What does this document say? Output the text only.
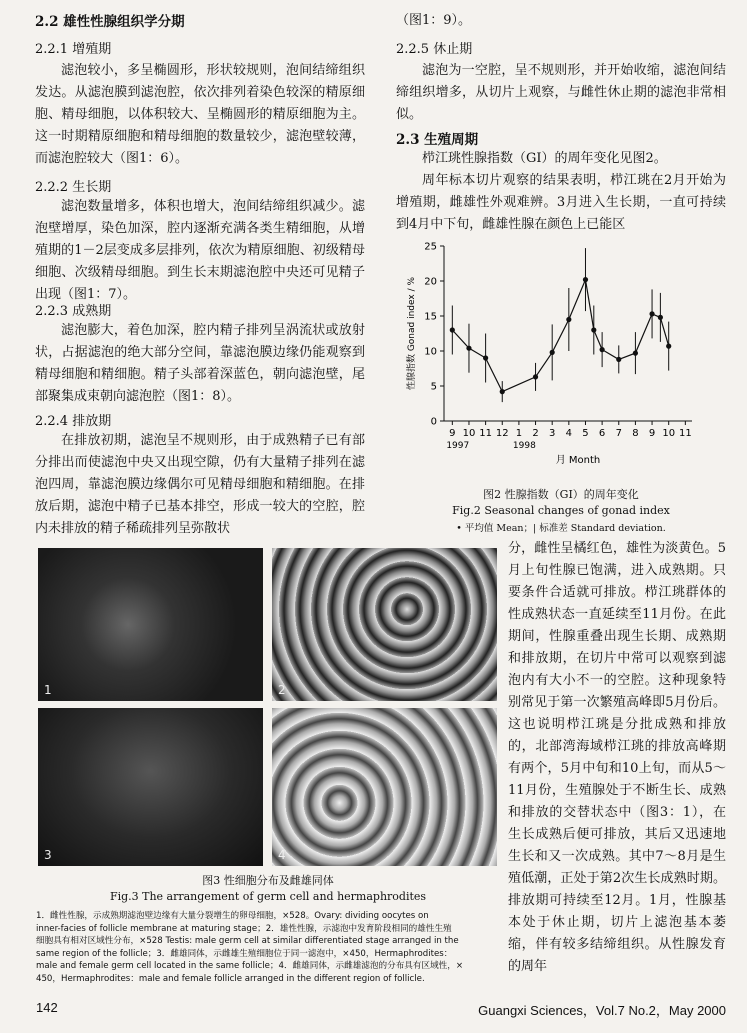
2.2 雄性性腺组织学分期
2.2.1 增殖期
滤泡较小，多呈椭圆形，形状较规则，泡间结缔组织发达。从滤泡膜到滤泡腔，依次排列着染色较深的精原细胞、精母细胞，以体积较大、呈椭圆形的精原细胞为主。这一时期精原细胞和精母细胞的数量较少，滤泡壁较薄，而滤泡腔较大（图1：6）。
2.2.2 生长期
滤泡数量增多，体积也增大，泡间结缔组织减少。滤泡壁增厚，染色加深，腔内逐渐充满各类生精细胞，从增殖期的1－2层变成多层排列，依次为精原细胞、初级精母细胞、次级精母细胞。到生长末期滤泡腔中央还可见精子出现（图1：7）。
2.2.3 成熟期
滤泡膨大，着色加深，腔内精子排列呈涡流状或放射状，占据滤泡的绝大部分空间，靠滤泡膜边缘仍能观察到精母细胞和精细胞。精子头部着深蓝色，朝向滤泡壁，尾部聚集成束朝向滤泡腔（图1：8）。
2.2.4 排放期
在排放初期，滤泡呈不规则形，由于成熟精子已有部分排出而使滤泡中央又出现空隙，仍有大量精子排列在滤泡四周，靠滤泡膜边缘偶尔可见精母细胞和精细胞。在排放后期，滤泡中精子已基本排空，形成一较大的空腔，腔内未排放的精子稀疏排列呈弥散状
（图1：9）。
2.2.5 休止期
滤泡为一空腔，呈不规则形，并开始收缩，滤泡间结缔组织增多，从切片上观察，与雌性休止期的滤泡非常相似。
2.3 生殖周期
栉江珧性腺指数（GI）的周年变化见图2。
周年标本切片观察的结果表明，栉江珧在2月开始为增殖期，雌雄性外观难辨。3月进入生长期，一直可持续到4月中下旬，雌雄性腺在颜色上已能区
0
5
10
15
20
25
9 10 11 12 1 2 3 4 5 6 7 8 9 10 11
1997	1998
月 Month
性腺指数 Gonad index / %
图2 性腺指数（GI）的周年变化
Fig.2 Seasonal changes of gonad index
• 平均值 Mean；| 标准差 Standard deviation.
分，雌性呈橘红色，雄性为淡黄色。5月上旬性腺已饱满，进入成熟期。只要条件合适就可排放。栉江珧群体的性成熟状态一直延续至11月份。在此期间，性腺重叠出现生长期、成熟期和排放期，在切片中常可以观察到滤泡内有大小不一的空腔。这种现象特别常见于第一次繁殖高峰即5月份后。这也说明栉江珧是分批成熟和排放的，北部湾海域栉江珧的排放高峰期有两个，5月中旬和10上旬，而从5～11月份，生殖腺处于不断生长、成熟和排放的交替状态中（图3：1），在生长成熟后便可排放，其后又迅速地生长和又一次成熟。其中7～8月是生殖低潮，正处于第2次生长成熟时期。排放期可持续至12月。1月，性腺基本处于休止期，切片上滤泡基本萎缩，伴有较多结缔组织。从性腺发育的周年
1	2
3	4
图3 性细胞分布及雌雄同体
Fig.3 The arrangement of germ cell and hermaphrodites
1．雌性性腺，示成熟期滤泡壁边缘有大量分裂增生的卵母细胞，×528。Ovary: dividing oocytes on
inner-facies of follicle membrane at maturing stage；2．雄性性腺，示滤泡中发育阶段相同的雄性生殖
细胞具有相对区域性分布，×528 Testis: male germ cell at similar differentiated stage arranged in the
same region of the follicle；3．雌雄同体，示雌雄生殖细胞位于同一滤泡中，×450，Hermaphrodites：
male and female germ cell located in the same follicle；4．雌雄同体，示雌雄滤泡的分布具有区域性，×
450，Hermaphrodites：male and female follicle arranged in the different region of follicle.
142	Guangxi Sciences，Vol.7 No.2，May 2000
